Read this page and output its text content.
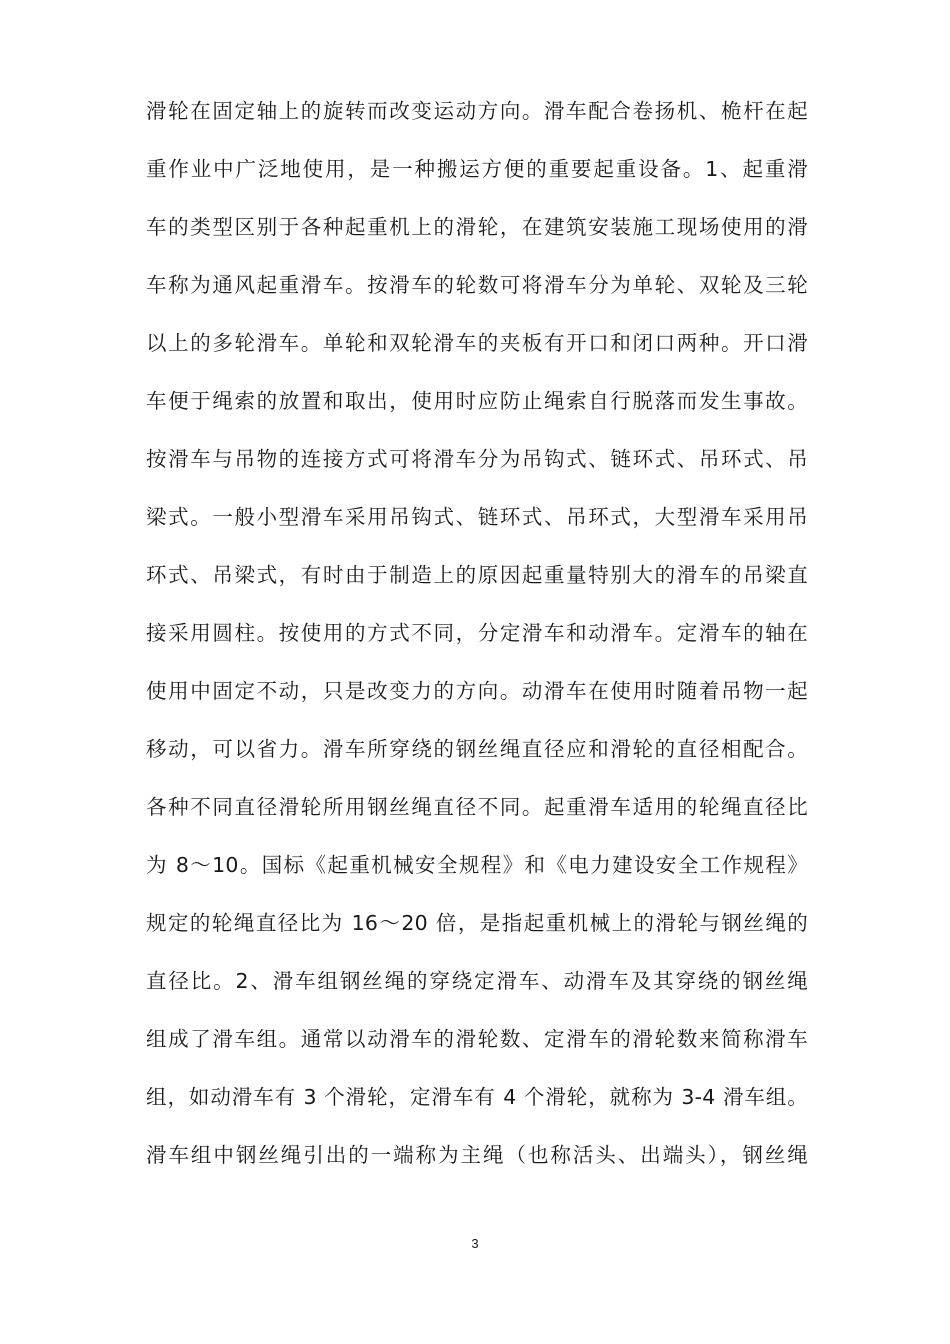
滑轮在固定轴上的旋转而改变运动方向。滑车配合卷扬机、桅杆在起
重作业中广泛地使用，是一种搬运方便的重要起重设备。1、起重滑
车的类型区别于各种起重机上的滑轮，在建筑安装施工现场使用的滑
车称为通风起重滑车。按滑车的轮数可将滑车分为单轮、双轮及三轮
以上的多轮滑车。单轮和双轮滑车的夹板有开口和闭口两种。开口滑
车便于绳索的放置和取出，使用时应防止绳索自行脱落而发生事故。
按滑车与吊物的连接方式可将滑车分为吊钩式、链环式、吊环式、吊
梁式。一般小型滑车采用吊钩式、链环式、吊环式，大型滑车采用吊
环式、吊梁式，有时由于制造上的原因起重量特别大的滑车的吊梁直
接采用圆柱。按使用的方式不同，分定滑车和动滑车。定滑车的轴在
使用中固定不动，只是改变力的方向。动滑车在使用时随着吊物一起
移动，可以省力。滑车所穿绕的钢丝绳直径应和滑轮的直径相配合。
各种不同直径滑轮所用钢丝绳直径不同。起重滑车适用的轮绳直径比
为 8～10。国标《起重机械安全规程》和《电力建设安全工作规程》
规定的轮绳直径比为 16～20 倍，是指起重机械上的滑轮与钢丝绳的
直径比。2、滑车组钢丝绳的穿绕定滑车、动滑车及其穿绕的钢丝绳
组成了滑车组。通常以动滑车的滑轮数、定滑车的滑轮数来简称滑车
组，如动滑车有 3 个滑轮，定滑车有 4 个滑轮，就称为 3-4 滑车组。
滑车组中钢丝绳引出的一端称为主绳（也称活头、出端头），钢丝绳
3
